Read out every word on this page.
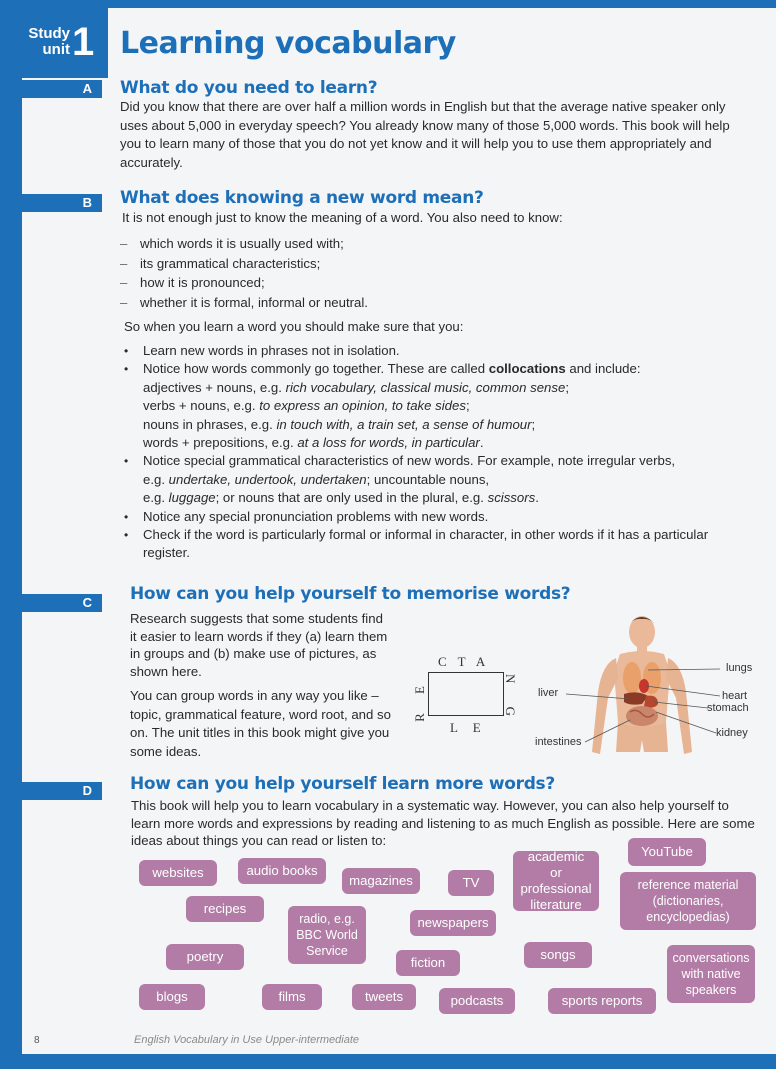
Study
unit 1 Learning vocabulary
A	What do you need to learn?
Did you know that there are over half a million words in English but that the average native speaker only uses about 5,000 in everyday speech? You already know many of those 5,000 words. This book will help you to learn many of those that you do not yet know and it will help you to use them appropriately and accurately.
B	What does knowing a new word mean?
It is not enough just to know the meaning of a word. You also need to know:
– which words it is usually used with;
– its grammatical characteristics;
– how it is pronounced;
– whether it is formal, informal or neutral.
So when you learn a word you should make sure that you:
• Learn new words in phrases not in isolation.
• Notice how words commonly go together. These are called collocations and include:
adjectives + nouns, e.g. rich vocabulary, classical music, common sense;
verbs + nouns, e.g. to express an opinion, to take sides;
nouns in phrases, e.g. in touch with, a train set, a sense of humour;
words + prepositions, e.g. at a loss for words, in particular.
• Notice special grammatical characteristics of new words. For example, note irregular verbs,
e.g. undertake, undertook, undertaken; uncountable nouns,
e.g. luggage; or nouns that are only used in the plural, e.g. scissors.
• Notice any special pronunciation problems with new words.
• Check if the word is particularly formal or informal in character, in other words if it has a particular register.
C	How can you help yourself to memorise words?
Research suggests that some students find it easier to learn words if they (a) learn them in groups and (b) make use of pictures, as shown here.
You can group words in any way you like – topic, grammatical feature, word root, and so on. The unit titles in this book might give you some ideas.
C T A
N G
R E
L E
lungs
heart
stomach
kidney
liver
intestines
D	How can you help yourself learn more words?
This book will help you to learn vocabulary in a systematic way. However, you can also help yourself to learn more words and expressions by reading and listening to as much English as possible. Here are some ideas about things you can read or listen to:
websites	audio books
magazines	TV
academic or professional literature
YouTube
reference material (dictionaries, encyclopedias)
recipes
radio, e.g. BBC World Service
newspapers
poetry	fiction
songs	conversations with native speakers
blogs	films	tweets	podcasts	sports reports
8	English Vocabulary in Use Upper-intermediate
